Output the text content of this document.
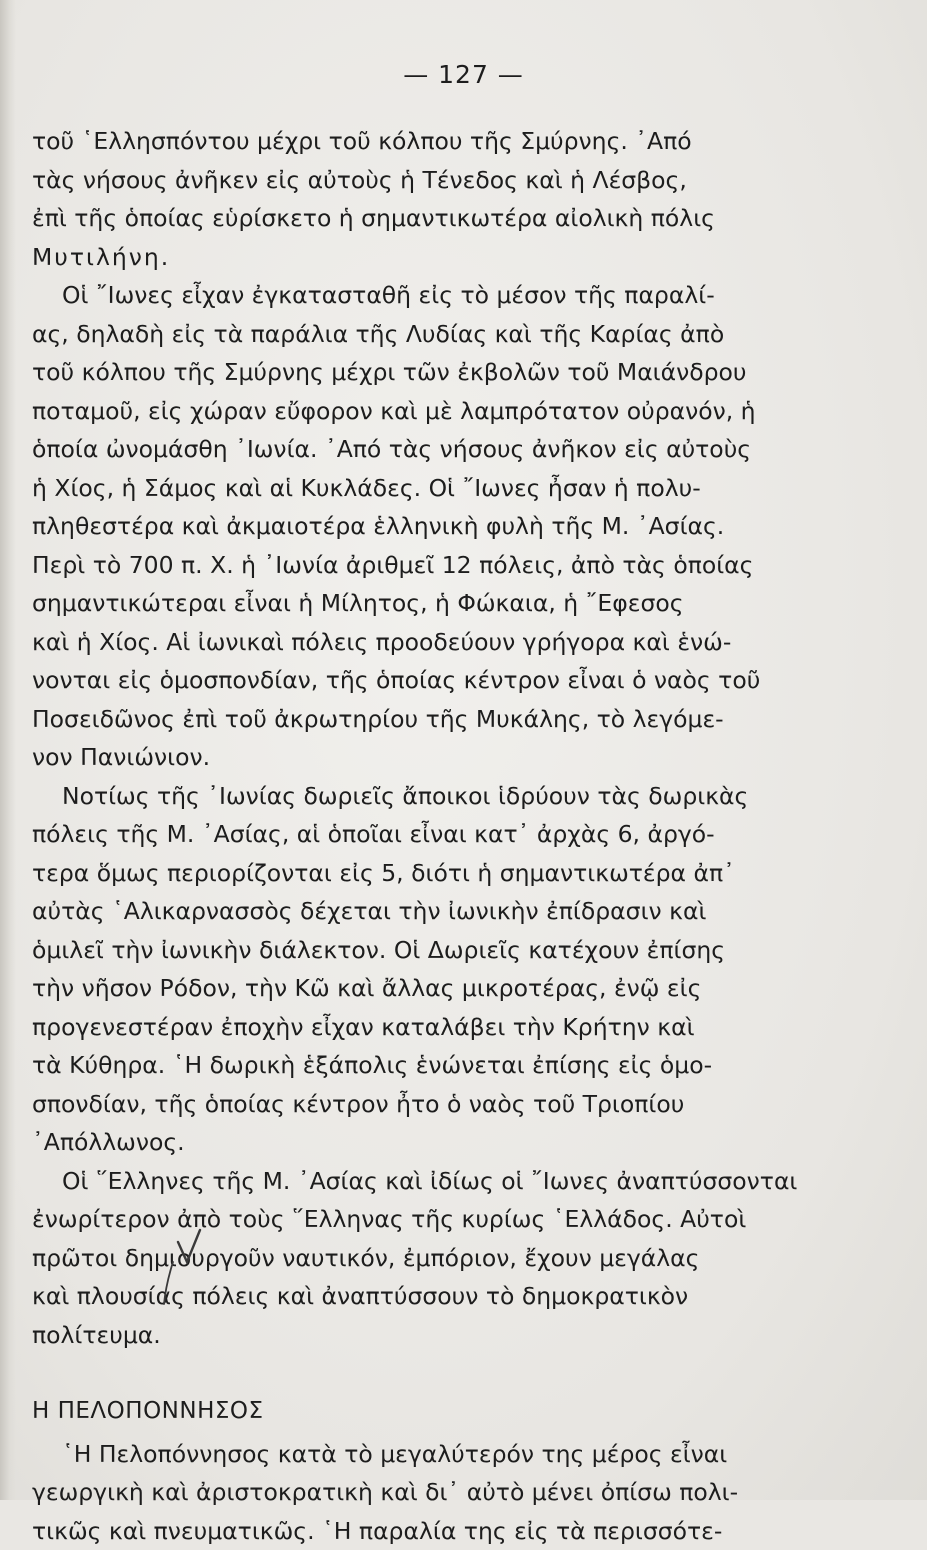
— 127 —
τοῦ ῾Ελλησπόντου μέχρι τοῦ κόλπου τῆς Σμύρνης. ᾿Από
τὰς νήσους ἀνῆκεν εἰς αὐτοὺς ἡ Τένεδος καὶ ἡ Λέσβος,
ἐπὶ τῆς ὁποίας εὑρίσκετο ἡ σημαντικωτέρα αἰολικὴ πόλις
Μυτιλήνη.
Οἱ ῎Ιωνες εἶχαν ἐγκατασταθῆ εἰς τὸ μέσον τῆς παραλί-
ας, δηλαδὴ εἰς τὰ παράλια τῆς Λυδίας καὶ τῆς Καρίας ἀπὸ
τοῦ κόλπου τῆς Σμύρνης μέχρι τῶν ἐκβολῶν τοῦ Μαιάνδρου
ποταμοῦ, εἰς χώραν εὔφορον καὶ μὲ λαμπρότατον οὐρανόν, ἡ
ὁποία ὠνομάσθη ᾿Ιωνία. ᾿Από τὰς νήσους ἀνῆκον εἰς αὐτοὺς
ἡ Χίος, ἡ Σάμος καὶ αἱ Κυκλάδες. Οἱ ῎Ιωνες ἦσαν ἡ πολυ-
πληθεστέρα καὶ ἀκμαιοτέρα ἑλληνικὴ φυλὴ τῆς Μ. ᾿Ασίας.
Περὶ τὸ 700 π. Χ. ἡ ᾿Ιωνία ἀριθμεῖ 12 πόλεις, ἀπὸ τὰς ὁποίας
σημαντικώτεραι εἶναι ἡ Μίλητος, ἡ Φώκαια, ἡ ῎Εφεσος
καὶ ἡ Χίος. Αἱ ἰωνικαὶ πόλεις προοδεύουν γρήγορα καὶ ἑνώ-
νονται εἰς ὁμοσπονδίαν, τῆς ὁποίας κέντρον εἶναι ὁ ναὸς τοῦ
Ποσειδῶνος ἐπὶ τοῦ ἀκρωτηρίου τῆς Μυκάλης, τὸ λεγόμε-
νον Πανιώνιον.
Νοτίως τῆς ᾿Ιωνίας δωριεῖς ἄποικοι ἱδρύουν τὰς δωρικὰς
πόλεις τῆς Μ. ᾿Ασίας, αἱ ὁποῖαι εἶναι κατ᾿ ἀρχὰς 6, ἀργό-
τερα ὅμως περιορίζονται εἰς 5, διότι ἡ σημαντικωτέρα ἀπ᾿
αὐτὰς ῾Αλικαρνασσὸς δέχεται τὴν ἰωνικὴν ἐπίδρασιν καὶ
ὁμιλεῖ τὴν ἰωνικὴν διάλεκτον. Οἱ Δωριεῖς κατέχουν ἐπίσης
τὴν νῆσον Ρόδον, τὴν Κῶ καὶ ἄλλας μικροτέρας, ἐνῷ εἰς
προγενεστέραν ἐποχὴν εἶχαν καταλάβει τὴν Κρήτην καὶ
τὰ Κύθηρα. ῾Η δωρικὴ ἑξάπολις ἑνώνεται ἐπίσης εἰς ὁμο-
σπονδίαν, τῆς ὁποίας κέντρον ἦτο ὁ ναὸς τοῦ Τριοπίου
᾿Απόλλωνος.
Οἱ ῞Ελληνες τῆς Μ. ᾿Ασίας καὶ ἰδίως οἱ ῎Ιωνες ἀναπτύσσονται
ἐνωρίτερον ἀπὸ τοὺς ῞Ελληνας τῆς κυρίως ῾Ελλάδος. Αὐτοὶ
πρῶτοι δημιουργοῦν ναυτικόν, ἐμπόριον, ἔχουν μεγάλας
καὶ πλουσίας πόλεις καὶ ἀναπτύσσουν τὸ δημοκρατικὸν
πολίτευμα.
Η ΠΕΛΟΠΟΝΝΗΣΟΣ
῾Η Πελοπόννησος κατὰ τὸ μεγαλύτερόν της μέρος εἶναι
γεωργικὴ καὶ ἀριστοκρατικὴ καὶ δι᾿ αὐτὸ μένει ὀπίσω πολι-
τικῶς καὶ πνευματικῶς. ῾Η παραλία της εἰς τὰ περισσότε-
